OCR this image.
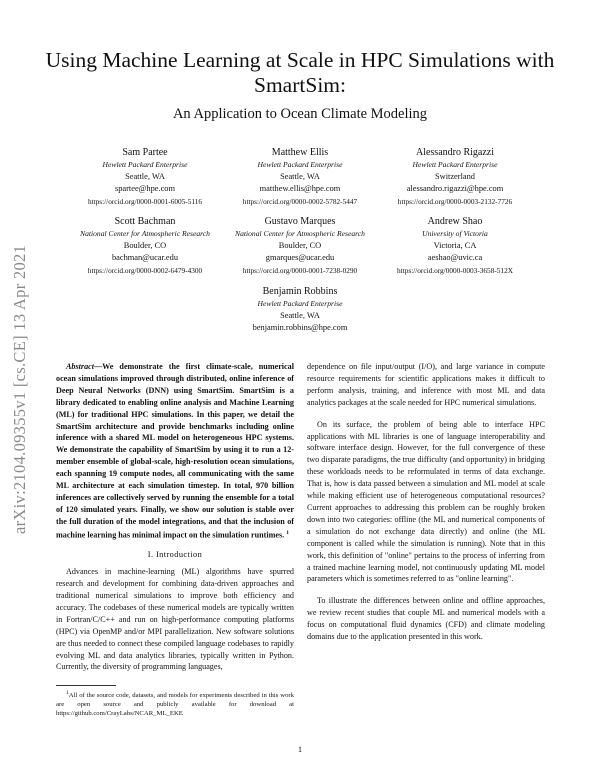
Using Machine Learning at Scale in HPC Simulations with SmartSim:
An Application to Ocean Climate Modeling
Sam Partee
Hewlett Packard Enterprise
Seattle, WA
spartee@hpe.com
https://orcid.org/0000-0001-6005-5116
Matthew Ellis
Hewlett Packard Enterprise
Seattle, WA
matthew.ellis@hpe.com
https://orcid.org/0000-0002-5782-5447
Alessandro Rigazzi
Hewlett Packard Enterprise
Switzerland
alessandro.rigazzi@hpe.com
https://orcid.org/0000-0003-2132-7726
Scott Bachman
National Center for Atmospheric Research
Boulder, CO
bachman@ucar.edu
https://orcid.org/0000-0002-6479-4300
Gustavo Marques
National Center for Atmospheric Research
Boulder, CO
gmarques@ucar.edu
https://orcid.org/0000-0001-7238-0290
Andrew Shao
University of Victoria
Victoria, CA
aeshao@uvic.ca
https://orcid.org/0000-0003-3658-512X
Benjamin Robbins
Hewlett Packard Enterprise
Seattle, WA
benjamin.robbins@hpe.com
arXiv:2104.09355v1 [cs.CE] 13 Apr 2021	Abstract—We demonstrate the first climate-scale, numerical ocean simulations improved through distributed, online inference of Deep Neural Networks (DNN) using SmartSim. SmartSim is a library dedicated to enabling online analysis and Machine Learning (ML) for traditional HPC simulations. In this paper, we detail the SmartSim architecture and provide benchmarks including online inference with a shared ML model on heterogeneous HPC systems. We demonstrate the capability of SmartSim by using it to run a 12-member ensemble of global-scale, high-resolution ocean simulations, each spanning 19 compute nodes, all communicating with the same ML architecture at each simulation timestep. In total, 970 billion inferences are collectively served by running the ensemble for a total of 120 simulated years. Finally, we show our solution is stable over the full duration of the model integrations, and that the inclusion of machine learning has minimal impact on the simulation runtimes. $^1$

I. Introduction

Advances in machine-learning (ML) algorithms have spurred research and development for combining data-driven approaches and traditional numerical simulations to improve both efficiency and accuracy. The codebases of these numerical models are typically written in Fortran/C/C++ and run on high-performance computing platforms (HPC) via OpenMP and/or MPI parallelization. New software solutions are thus needed to connect these compiled language codebases to rapidly evolving ML and data analytics libraries, typically written in Python. Currently, the diversity of programming languages,

$^1$All of the source code, datasets, and models for experiments described in this work are open source and publicly available for download at https://github.com/CrayLabs/NCAR_ML_EKE

dependence on file input/output (I/O), and large variance in compute resource requirements for scientific applications makes it difficult to perform analysis, training, and inference with most ML and data analytics packages at the scale needed for HPC numerical simulations.

On its surface, the problem of being able to interface HPC applications with ML libraries is one of language interoperability and software interface design. However, for the full convergence of these two disparate paradigms, the true difficulty (and opportunity) in bridging these workloads needs to be reformulated in terms of data exchange. That is, how is data passed between a simulation and ML model at scale while making efficient use of heterogeneous computational resources? Current approaches to addressing this problem can be roughly broken down into two categories: offline (the ML and numerical components of a simulation do not exchange data directly) and online (the ML component is called while the simulation is running). Note that in this work, this definition of "online" pertains to the process of inferring from a trained machine learning model, not continuously updating ML model parameters which is sometimes referred to as "online learning".

To illustrate the differences between online and offline approaches, we review recent studies that couple ML and numerical models with a focus on computational fluid dynamics (CFD) and climate modeling domains due to the application presented in this work.

1
